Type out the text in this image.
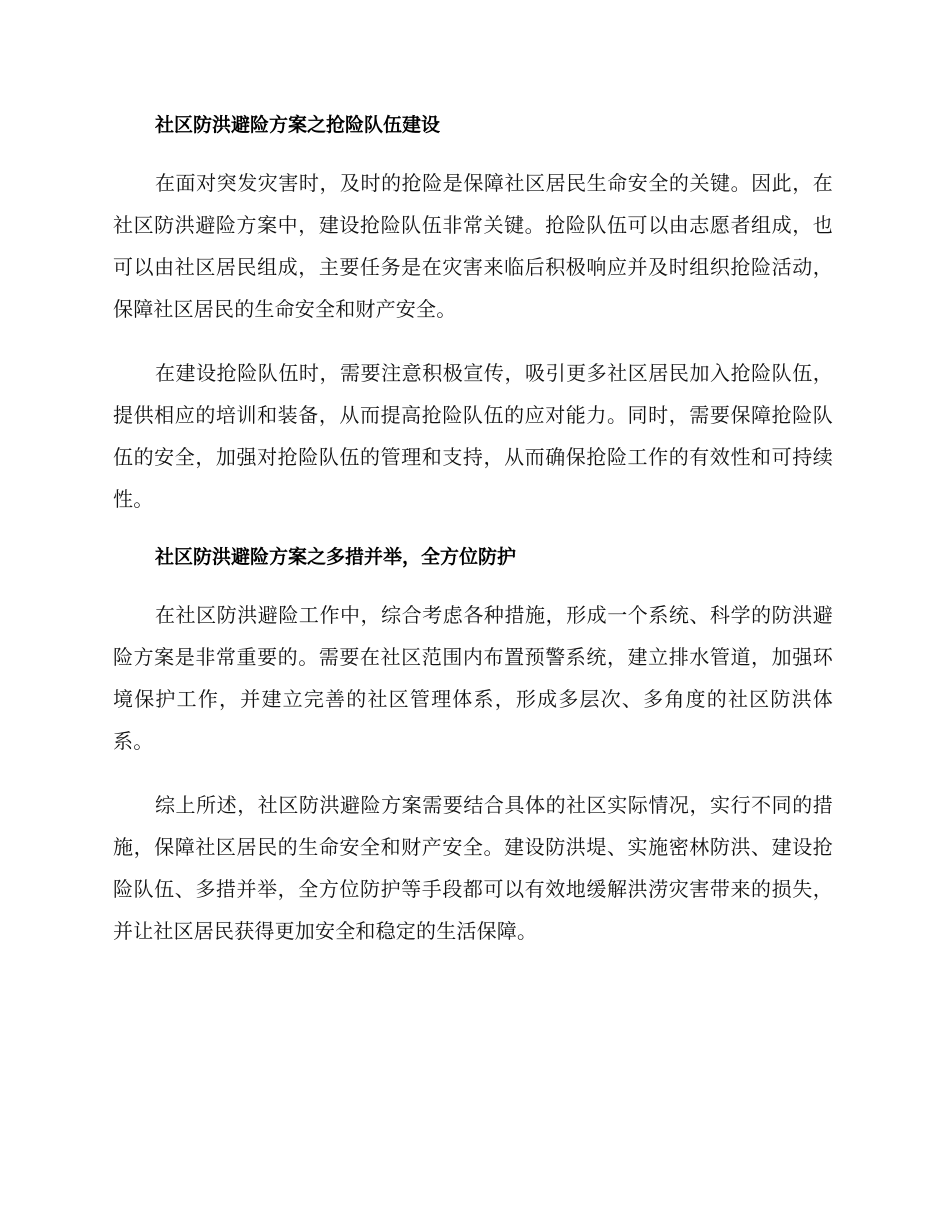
社区防洪避险方案之抢险队伍建设

在面对突发灾害时，及时的抢险是保障社区居民生命安全的关键。因此，在社区防洪避险方案中，建设抢险队伍非常关键。抢险队伍可以由志愿者组成，也可以由社区居民组成，主要任务是在灾害来临后积极响应并及时组织抢险活动，保障社区居民的生命安全和财产安全。

在建设抢险队伍时，需要注意积极宣传，吸引更多社区居民加入抢险队伍，提供相应的培训和装备，从而提高抢险队伍的应对能力。同时，需要保障抢险队伍的安全，加强对抢险队伍的管理和支持，从而确保抢险工作的有效性和可持续性。

社区防洪避险方案之多措并举，全方位防护

在社区防洪避险工作中，综合考虑各种措施，形成一个系统、科学的防洪避险方案是非常重要的。需要在社区范围内布置预警系统，建立排水管道，加强环境保护工作，并建立完善的社区管理体系，形成多层次、多角度的社区防洪体系。

综上所述，社区防洪避险方案需要结合具体的社区实际情况，实行不同的措施，保障社区居民的生命安全和财产安全。建设防洪堤、实施密林防洪、建设抢险队伍、多措并举，全方位防护等手段都可以有效地缓解洪涝灾害带来的损失，并让社区居民获得更加安全和稳定的生活保障。
